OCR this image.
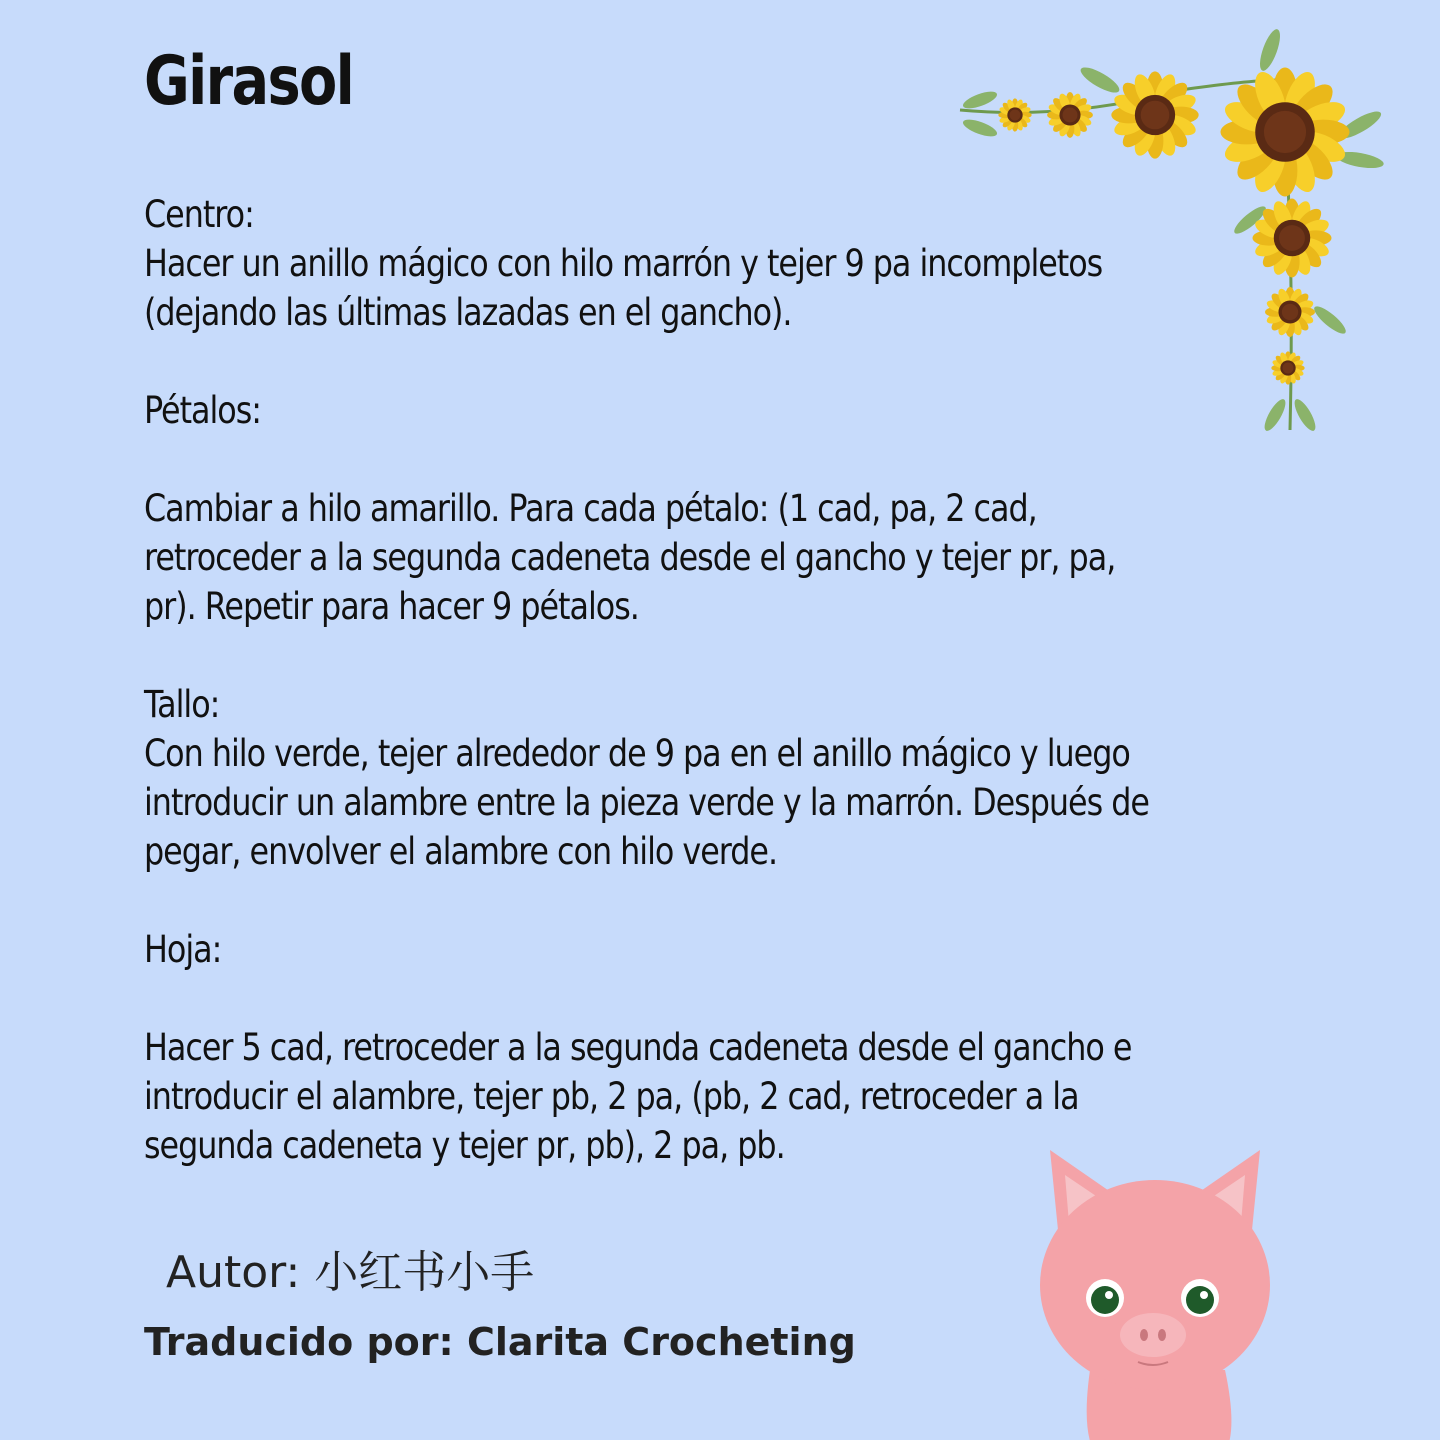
Girasol
Centro:
Hacer un anillo mágico con hilo marrón y tejer 9 pa incompletos
(dejando las últimas lazadas en el gancho).
Pétalos:
Cambiar a hilo amarillo. Para cada pétalo: (1 cad, pa, 2 cad,
retroceder a la segunda cadeneta desde el gancho y tejer pr, pa,
pr). Repetir para hacer 9 pétalos.
Tallo:
Con hilo verde, tejer alrededor de 9 pa en el anillo mágico y luego
introducir un alambre entre la pieza verde y la marrón. Después de
pegar, envolver el alambre con hilo verde.
Hoja:
Hacer 5 cad, retroceder a la segunda cadeneta desde el gancho e
introducir el alambre, tejer pb, 2 pa, (pb, 2 cad, retroceder a la
segunda cadeneta y tejer pr, pb), 2 pa, pb.
Autor: 小红书小手
Traducido por: Clarita Crocheting
